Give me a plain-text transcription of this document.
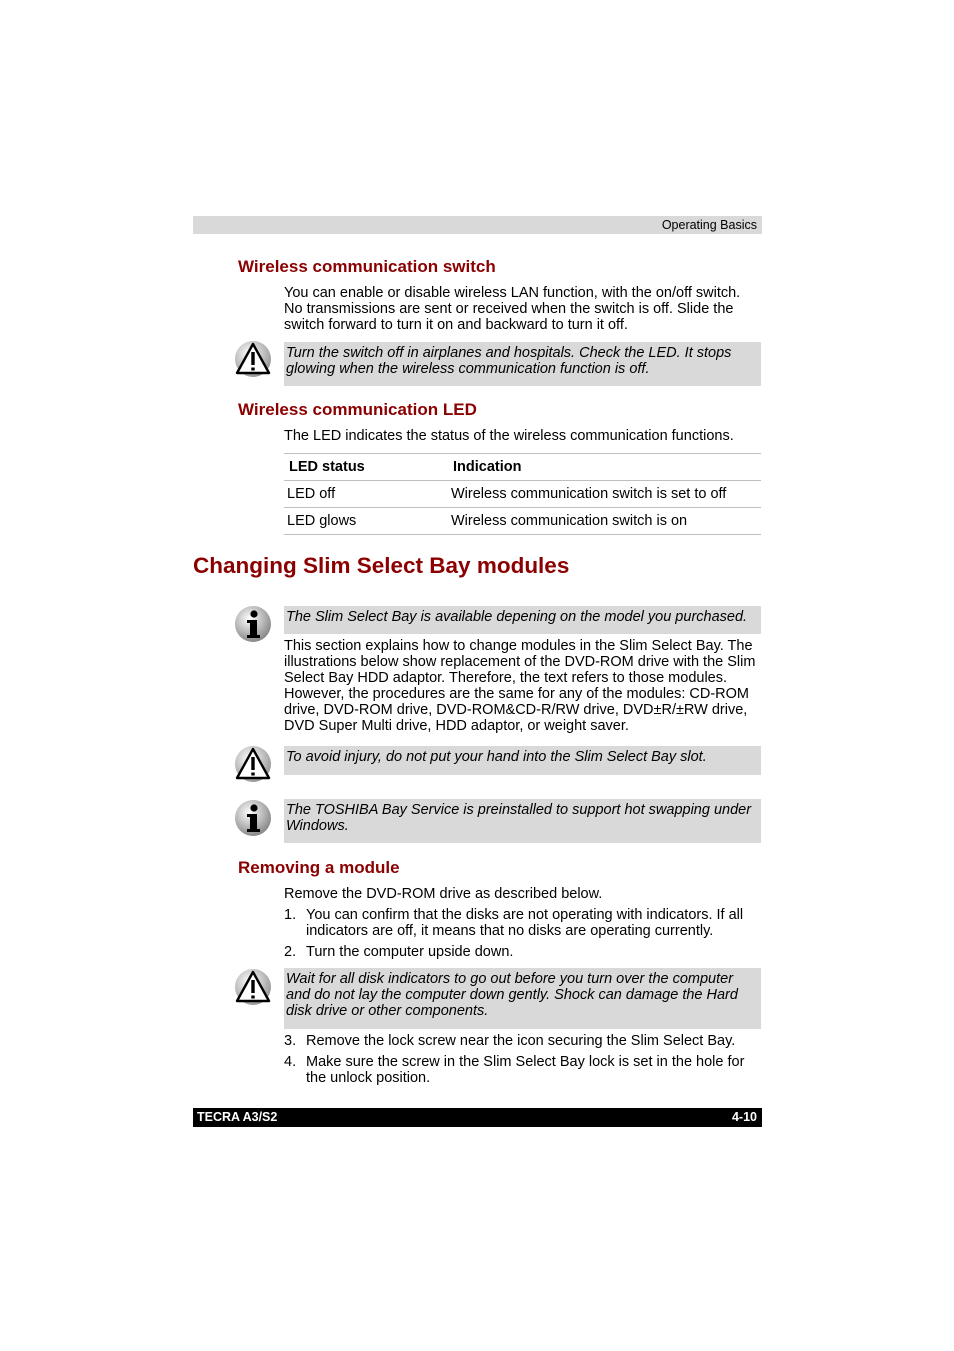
Operating Basics
Wireless communication switch
You can enable or disable wireless LAN function, with the on/off switch. No transmissions are sent or received when the switch is off. Slide the switch forward to turn it on and backward to turn it off.
Turn the switch off in airplanes and hospitals. Check the LED. It stops glowing when the wireless communication function is off.
Wireless communication LED
The LED indicates the status of the wireless communication functions.
LED status	Indication
LED off	Wireless communication switch is set to off
LED glows	Wireless communication switch is on
Changing Slim Select Bay modules
The Slim Select Bay is available depening on the model you purchased.
This section explains how to change modules in the Slim Select Bay. The illustrations below show replacement of the DVD-ROM drive with the Slim Select Bay HDD adaptor. Therefore, the text refers to those modules. However, the procedures are the same for any of the modules: CD-ROM drive, DVD-ROM drive, DVD-ROM&CD-R/RW drive, DVD±R/±RW drive, DVD Super Multi drive, HDD adaptor, or weight saver.
To avoid injury, do not put your hand into the Slim Select Bay slot.
The TOSHIBA Bay Service is preinstalled to support hot swapping under Windows.
Removing a module
Remove the DVD-ROM drive as described below.
1. You can confirm that the disks are not operating with indicators. If all indicators are off, it means that no disks are operating currently.
2. Turn the computer upside down.
Wait for all disk indicators to go out before you turn over the computer and do not lay the computer down gently. Shock can damage the Hard disk drive or other components.
3. Remove the lock screw near the icon securing the Slim Select Bay.
4. Make sure the screw in the Slim Select Bay lock is set in the hole for the unlock position.
TECRA A3/S2	4-10
